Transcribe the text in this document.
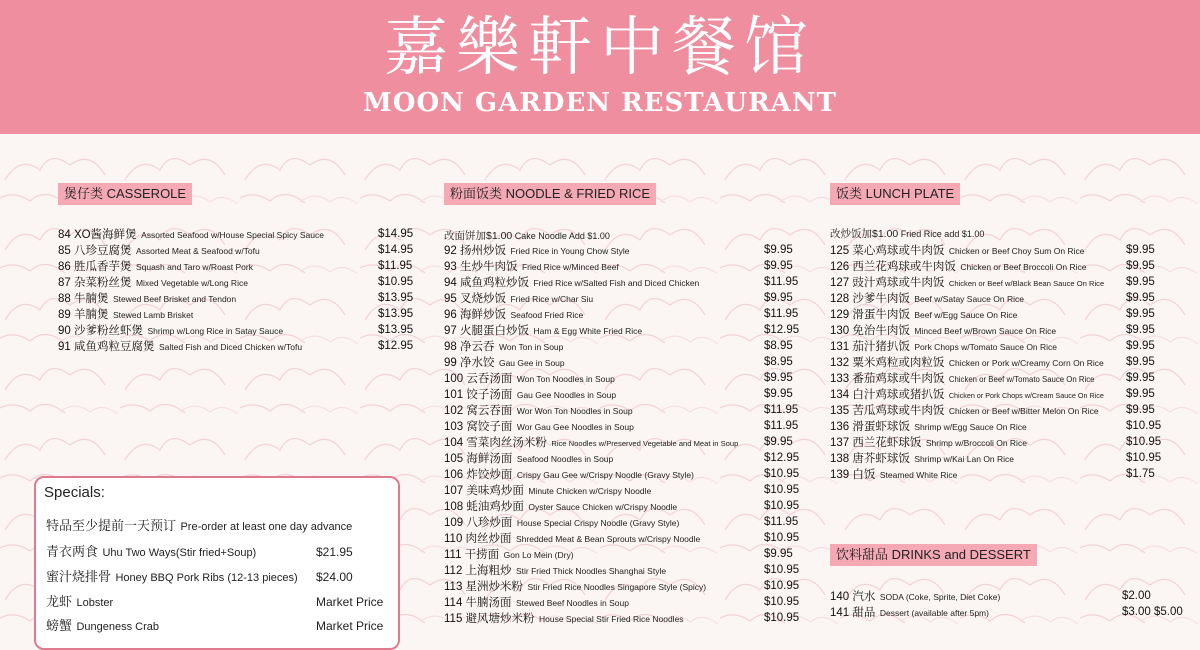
嘉樂軒中餐馆
MOON GARDEN RESTAURANT
煲仔类 CASSEROLE
84 XO酱海鲜煲 Assorted Seafood w/House Special Spicy Sauce	$14.95
85 八珍豆腐煲 Assorted Meat & Seafood w/Tofu	$14.95
86 胜瓜香芋煲 Squash and Taro w/Roast Pork	$11.95
87 杂菜粉丝煲 Mixed Vegetable w/Long Rice	$10.95
88 牛腩煲 Stewed Beef Brisket and Tendon	$13.95
89 羊腩煲 Stewed Lamb Brisket	$13.95
90 沙爹粉丝虾煲 Shrimp w/Long Rice in Satay Sauce	$13.95
91 咸鱼鸡粒豆腐煲 Salted Fish and Diced Chicken w/Tofu	$12.95
Specials:
特品至少提前一天预订 Pre-order at least one day advance
青衣两食 Uhu Two Ways(Stir fried+Soup)	$21.95
蜜汁烧排骨 Honey BBQ Pork Ribs (12-13 pieces) $24.00
龙虾 Lobster	Market Price
螃蟹 Dungeness Crab	Market Price
粉面饭类 NOODLE & FRIED RICE
改面饼加$1.00 Cake Noodle Add $1.00
92 扬州炒饭 Fried Rice in Young Chow Style	$9.95
93 生炒牛肉饭 Fried Rice w/Minced Beef	$9.95
94 咸鱼鸡粒炒饭 Fried Rice w/Salted Fish and Diced Chicken	$11.95
95 叉烧炒饭 Fried Rice w/Char Siu	$9.95
96 海鲜炒饭 Seafood Fried Rice	$11.95
97 火腿蛋白炒饭 Ham & Egg White Fried Rice	$12.95
98 净云吞 Won Ton in Soup	$8.95
99 净水饺 Gau Gee in Soup	$8.95
100 云吞汤面 Won Ton Noodles in Soup	$9.95
101 饺子汤面 Gau Gee Noodles in Soup	$9.95
102 窝云吞面 Wor Won Ton Noodles in Soup	$11.95
103 窝饺子面 Wor Gau Gee Noodles in Soup	$11.95
104 雪菜肉丝汤米粉 Rice Noodles w/Preserved Vegetable and Meat in Soup $9.95
105 海鲜汤面 Seafood Noodles in Soup	$12.95
106 炸饺炒面 Crispy Gau Gee w/Crispy Noodle (Gravy Style)	$10.95
107 美味鸡炒面 Minute Chicken w/Crispy Noodle	$10.95
108 蚝油鸡炒面 Oyster Sauce Chicken w/Crispy Noodle	$10.95
109 八珍炒面 House Special Crispy Noodle (Gravy Style)	$11.95
110 肉丝炒面 Shredded Meat & Bean Sprouts w/Crispy Noodle	$10.95
111 干捞面 Gon Lo Mein (Dry)	$9.95
112 上海粗炒 Stir Fried Thick Noodles Shanghai Style	$10.95
113 星洲炒米粉 Stir Fried Rice Noodles Singapore Style (Spicy)	$10.95
114 牛腩汤面 Stewed Beef Noodles in Soup	$10.95
115 避风塘炒米粉 House Special Stir Fried Rice Noodles	$10.95
饭类 LUNCH PLATE
改炒饭加$1.00 Fried Rice add $1.00
125 菜心鸡球或牛肉饭 Chicken or Beef Choy Sum On Rice	$9.95
126 西兰花鸡球或牛肉饭 Chicken or Beef Broccoli On Rice	$9.95
127 豉汁鸡球或牛肉饭 Chicken or Beef w/Black Bean Sauce On Rice $9.95
128 沙爹牛肉饭 Beef w/Satay Sauce On Rice	$9.95
129 滑蛋牛肉饭 Beef w/Egg Sauce On Rice	$9.95
130 免治牛肉饭 Minced Beef w/Brown Sauce On Rice	$9.95
131 茄汁猪扒饭 Pork Chops w/Tomato Sauce On Rice	$9.95
132 粟米鸡粒或肉粒饭 Chicken or Pork w/Creamy Corn On Rice $9.95
133 番茄鸡球或牛肉饭 Chicken or Beef w/Tomato Sauce On Rice	$9.95
134 白汁鸡球或猪扒饭 Chicken or Pork Chops w/Cream Sauce On Rice $9.95
135 苦瓜鸡球或牛肉饭 Chicken or Beef w/Bitter Melon On Rice $9.95
136 滑蛋虾球饭 Shrimp w/Egg Sauce On Rice	$10.95
137 西兰花虾球饭 Shrimp w/Broccoli On Rice	$10.95
138 唐芥虾球饭 Shrimp w/Kai Lan On Rice	$10.95
139 白饭 Steamed White Rice	$1.75
饮料甜品 DRINKS and DESSERT
140 汽水 SODA (Coke, Sprite, Diet Coke)	$2.00
141 甜品 Dessert (available after 5pm)	$3.00 $5.00
